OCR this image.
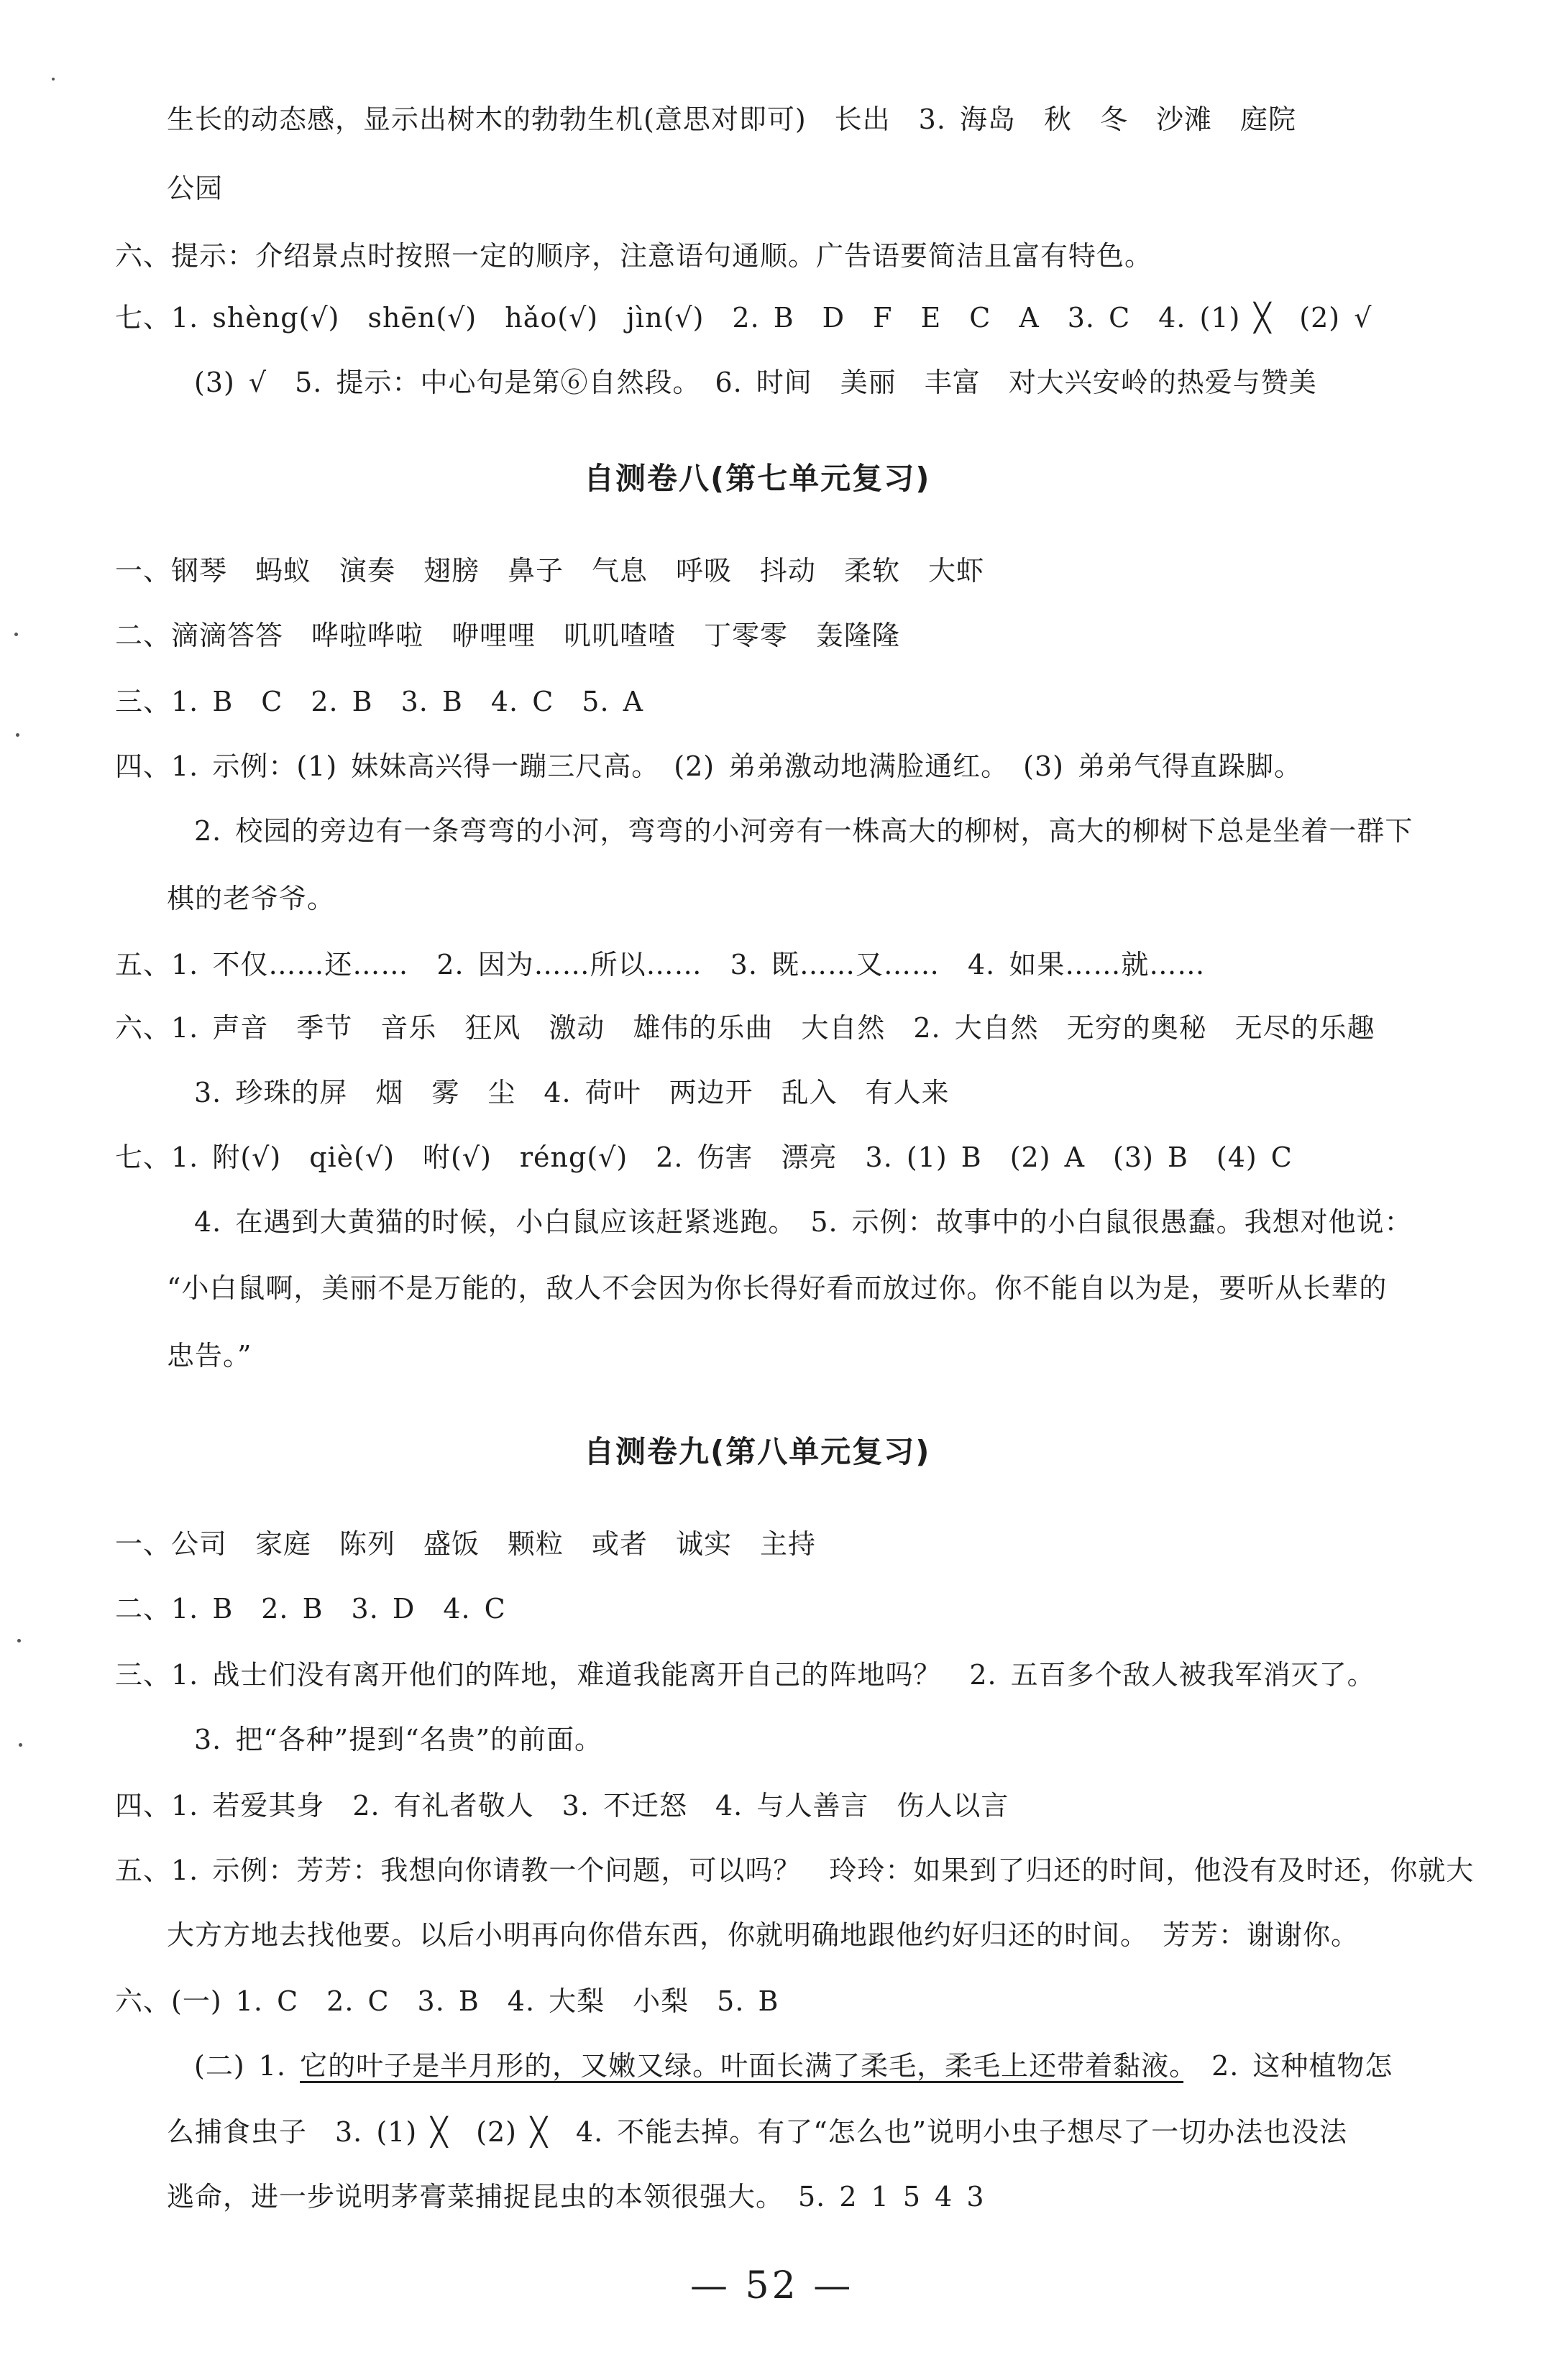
生长的动态感，显示出树木的勃勃生机(意思对即可)　长出　3. 海岛　秋　冬　沙滩　庭院
公园
六、提示：介绍景点时按照一定的顺序，注意语句通顺。广告语要简洁且富有特色。
七、1. shèng(√)　shēn(√)　hǎo(√)　jìn(√)　2. B　D　F　E　C　A　3. C　4. (1) ╳　(2) √
(3) √　5. 提示：中心句是第⑥自然段。　6. 时间　美丽　丰富　对大兴安岭的热爱与赞美
自测卷八(第七单元复习)
一、钢琴　蚂蚁　演奏　翅膀　鼻子　气息　呼吸　抖动　柔软　大虾
二、滴滴答答　哗啦哗啦　咿哩哩　叽叽喳喳　丁零零　轰隆隆
三、1. B　C　2. B　3. B　4. C　5. A
四、1. 示例：(1) 妹妹高兴得一蹦三尺高。　(2) 弟弟激动地满脸通红。　(3) 弟弟气得直跺脚。
2. 校园的旁边有一条弯弯的小河，弯弯的小河旁有一株高大的柳树，高大的柳树下总是坐着一群下
棋的老爷爷。
五、1. 不仅……还……　2. 因为……所以……　3. 既……又……　4. 如果……就……
六、1. 声音　季节　音乐　狂风　激动　雄伟的乐曲　大自然　2. 大自然　无穷的奥秘　无尽的乐趣
3. 珍珠的屏　烟　雾　尘　4. 荷叶　两边开　乱入　有人来
七、1. 附(√)　qiè(√)　咐(√)　réng(√)　2. 伤害　漂亮　3. (1) B　(2) A　(3) B　(4) C
4. 在遇到大黄猫的时候，小白鼠应该赶紧逃跑。　5. 示例：故事中的小白鼠很愚蠢。我想对他说：
“小白鼠啊，美丽不是万能的，敌人不会因为你长得好看而放过你。你不能自以为是，要听从长辈的
忠告。”
自测卷九(第八单元复习)
一、公司　家庭　陈列　盛饭　颗粒　或者　诚实　主持
二、1. B　2. B　3. D　4. C
三、1. 战士们没有离开他们的阵地，难道我能离开自己的阵地吗？　2. 五百多个敌人被我军消灭了。
3. 把“各种”提到“名贵”的前面。
四、1. 若爱其身　2. 有礼者敬人　3. 不迁怒　4. 与人善言　伤人以言
五、1. 示例：芳芳：我想向你请教一个问题，可以吗？　玲玲：如果到了归还的时间，他没有及时还，你就大
大方方地去找他要。以后小明再向你借东西，你就明确地跟他约好归还的时间。　芳芳：谢谢你。
六、(一) 1. C　2. C　3. B　4. 大梨　小梨　5. B
(二) 1. 它的叶子是半月形的，又嫩又绿。叶面长满了柔毛，柔毛上还带着黏液。　2. 这种植物怎
么捕食虫子　3. (1) ╳　(2) ╳　4. 不能去掉。有了“怎么也”说明小虫子想尽了一切办法也没法
逃命，进一步说明茅膏菜捕捉昆虫的本领很强大。　5. 2 1 5 4 3
— 52 —
